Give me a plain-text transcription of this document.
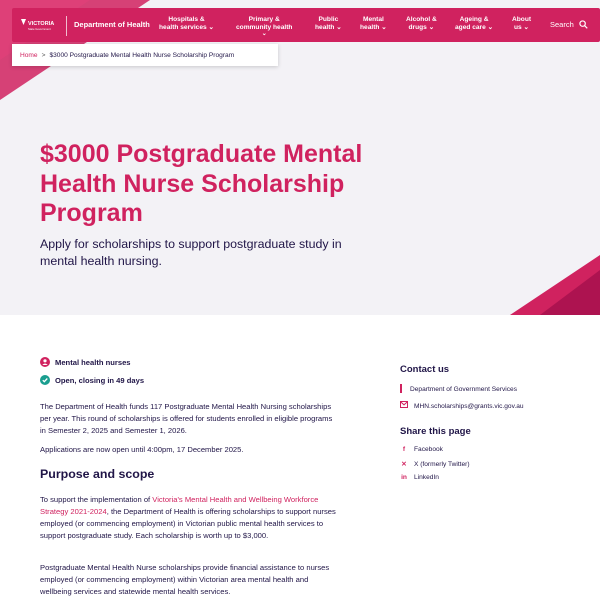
VICTORIA
State Government	Department of Health
Hospitals &
health services ⌄
Primary &
community health
⌄
Public
health ⌄
Mental
health ⌄
Alcohol &
drugs ⌄
Ageing &
aged care ⌄
About
us ⌄	Search
Home > $3000 Postgraduate Mental Health Nurse Scholarship Program
$3000 Postgraduate Mental Health Nurse Scholarship Program

Apply for scholarships to support postgraduate study in mental health nursing.

Mental health nurses
Open, closing in 49 days

The Department of Health funds 117 Postgraduate Mental Health Nursing scholarships per year. This round of scholarships is offered for students enrolled in eligible programs in Semester 2, 2025 and Semester 1, 2026.

Applications are now open until 4:00pm, 17 December 2025.

Purpose and scope

To support the implementation of Victoria's Mental Health and Wellbeing Workforce Strategy 2021-2024, the Department of Health is offering scholarships to support nurses employed (or commencing employment) in Victorian public mental health services to support postgraduate study. Each scholarship is worth up to $3,000.

Postgraduate Mental Health Nurse scholarships provide financial assistance to nurses employed (or commencing employment) within Victorian area mental health and wellbeing services and statewide mental health services.

Contact us
Department of Government Services
MHN.scholarships@grants.vic.gov.au
Share this page
f Facebook
✕ X (formerly Twitter)
in LinkedIn
